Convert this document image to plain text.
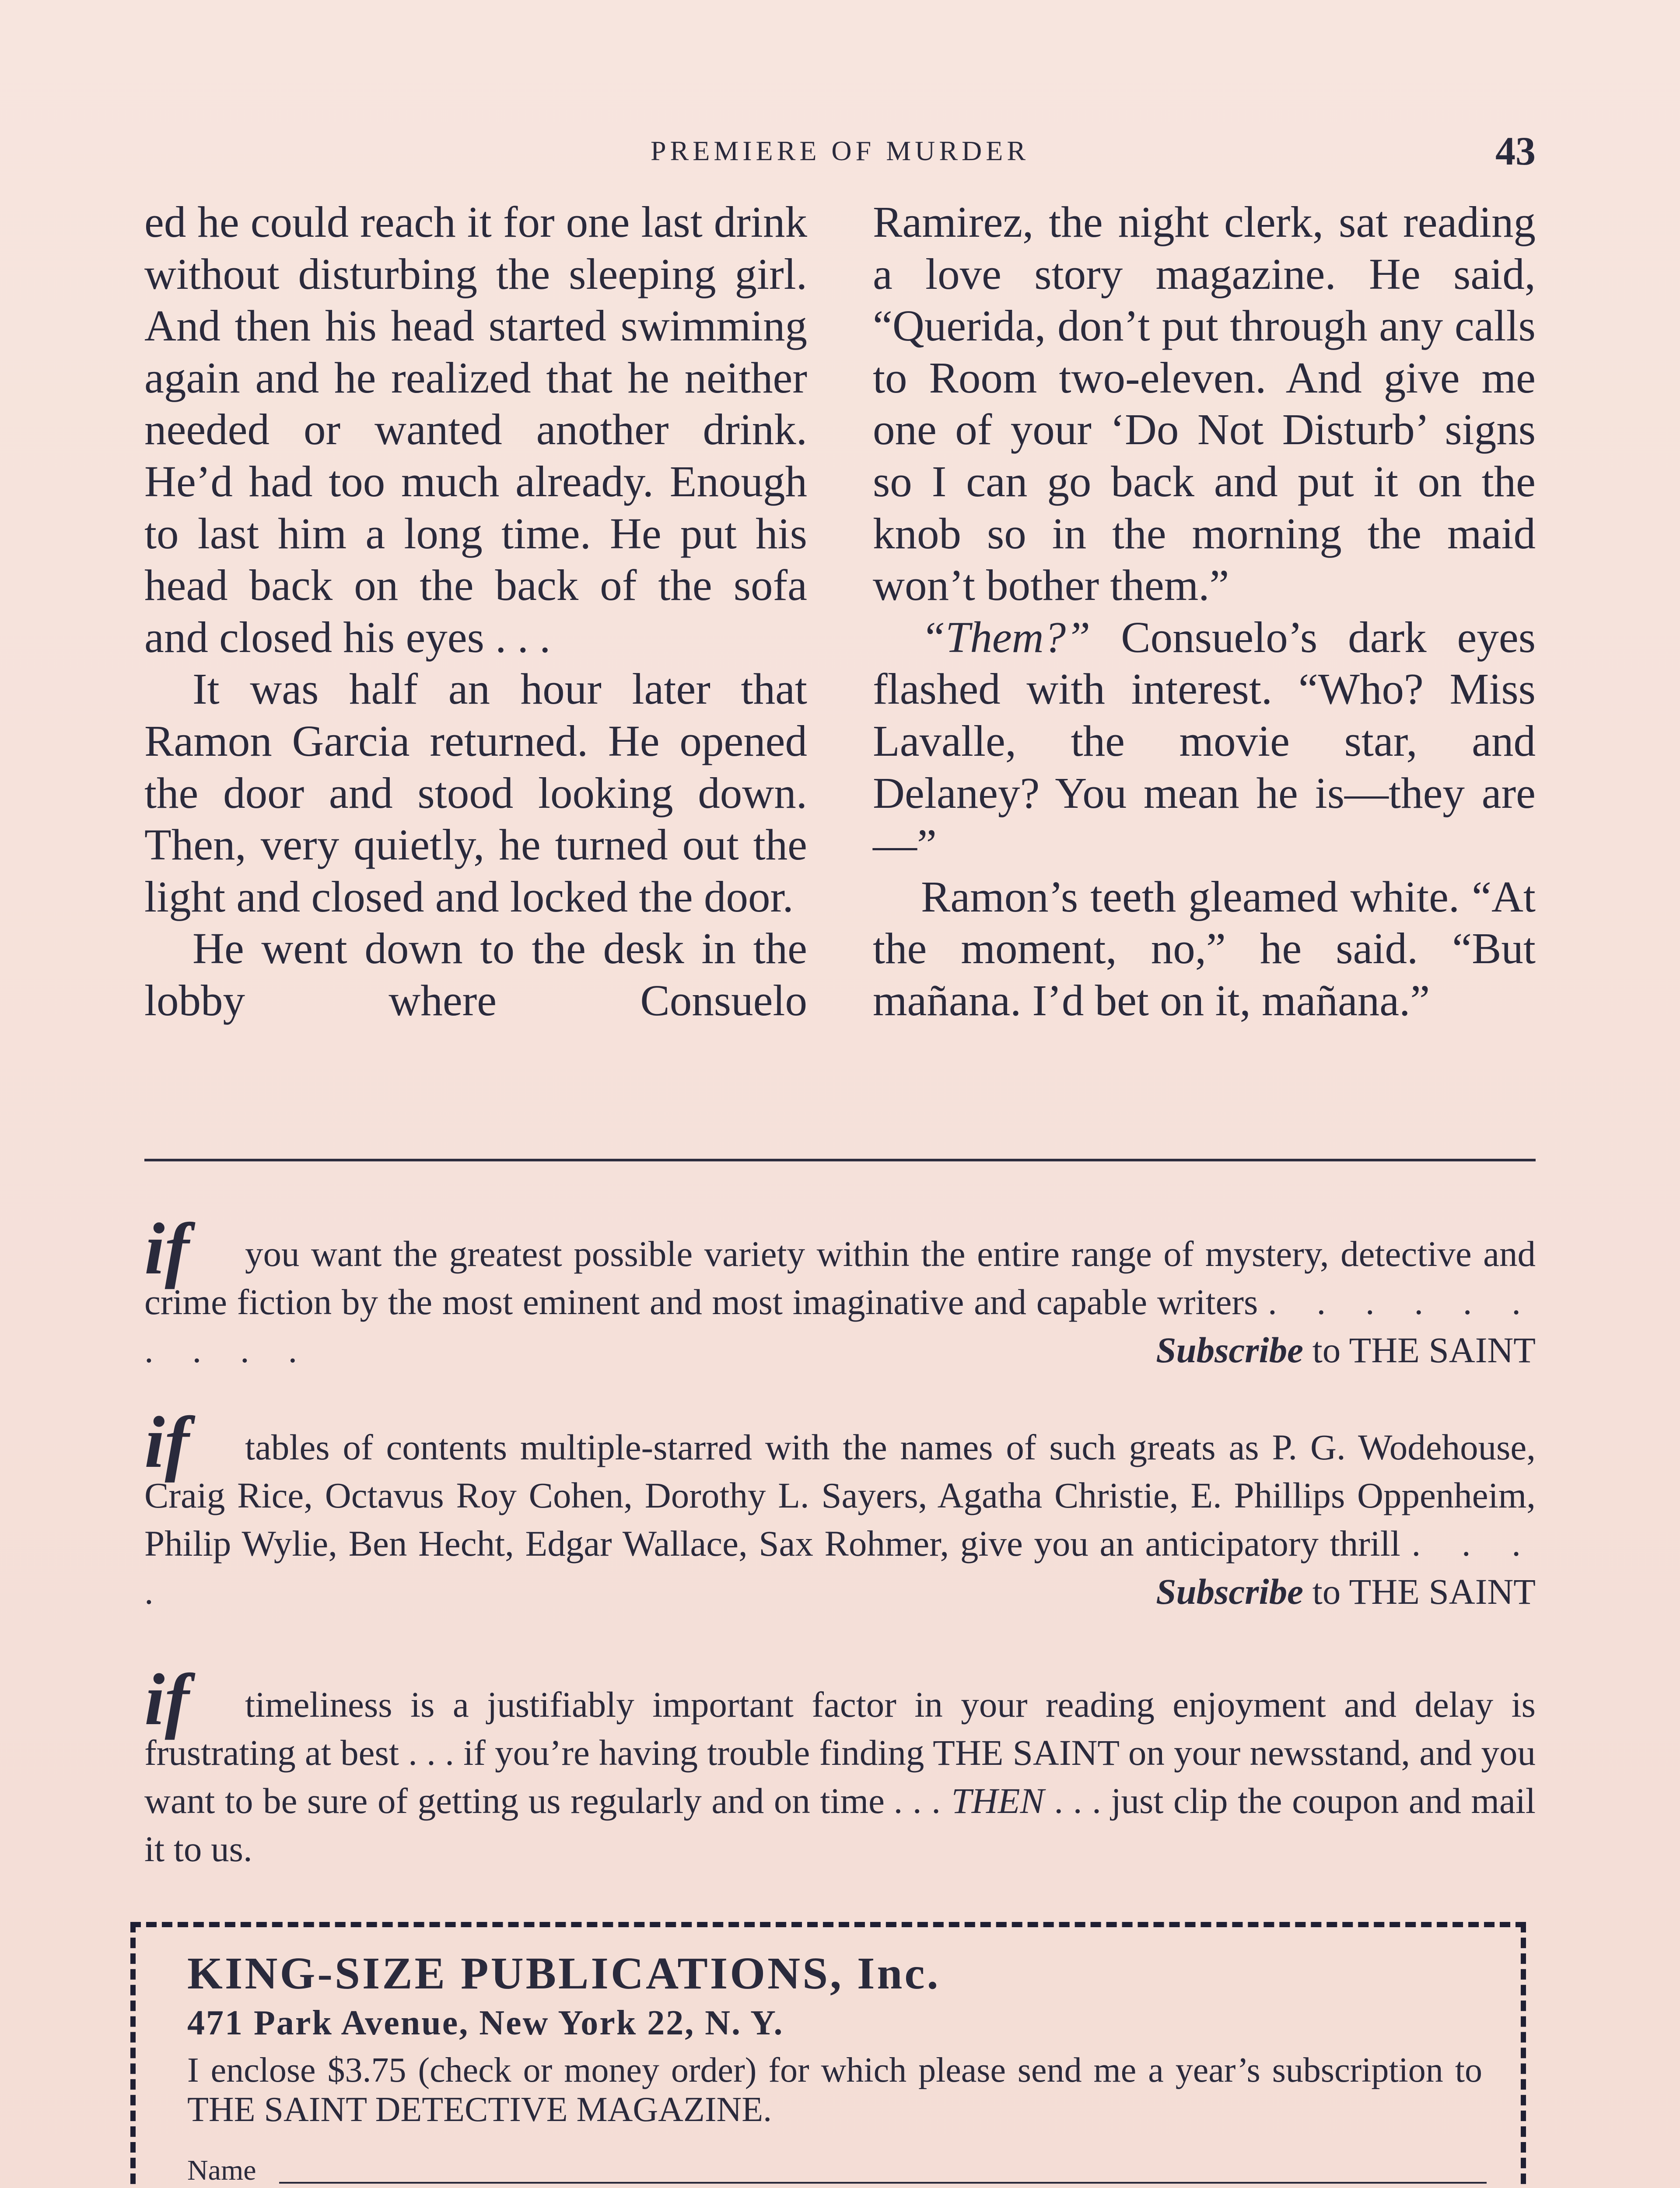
PREMIERE OF MURDER	43

ed he could reach it for one last drink without disturbing the sleeping girl. And then his head started swimming again and he realized that he neither needed or wanted another drink. He’d had too much already. Enough to last him a long time. He put his head back on the back of the sofa and closed his eyes . . .

It was half an hour later that Ramon Garcia returned. He opened the door and stood looking down. Then, very quietly, he turned out the light and closed and locked the door.

He went down to the desk in the lobby where Consuelo

Ramirez, the night clerk, sat reading a love story magazine. He said, “Querida, don’t put through any calls to Room two-eleven. And give me one of your ‘Do Not Disturb’ signs so I can go back and put it on the knob so in the morning the maid won’t bother them.”

“Them?” Consuelo’s dark eyes flashed with interest. “Who? Miss Lavalle, the movie star, and Delaney? You mean he is—they are—”

Ramon’s teeth gleamed white. “At the moment, no,” he said. “But mañana. I’d bet on it, mañana.”

if	you want the greatest possible variety within the entire range of mystery, detective and crime fiction by the most eminent and most imaginative and capable writers . . . . . . . . . .	Subscribe to THE SAINT

if	tables of contents multiple-starred with the names of such greats as P. G. Wodehouse, Craig Rice, Octavus Roy Cohen, Dorothy L. Sayers, Agatha Christie, E. Phillips Oppenheim, Philip Wylie, Ben Hecht, Edgar Wallace, Sax Rohmer, give you an anticipatory thrill . . . .	Subscribe to THE SAINT

if	timeliness is a justifiably important factor in your reading enjoyment and delay is frustrating at best . . . if you’re having trouble finding THE SAINT on your newsstand, and you want to be sure of getting us regularly and on time . . . THEN . . . just clip the coupon and mail it to us.

KING-SIZE PUBLICATIONS, Inc.
471 Park Avenue, New York 22, N. Y.
I enclose $3.75 (check or money order) for which please send me a year’s subscription to THE SAINT DETECTIVE MAGAZINE.
Name
